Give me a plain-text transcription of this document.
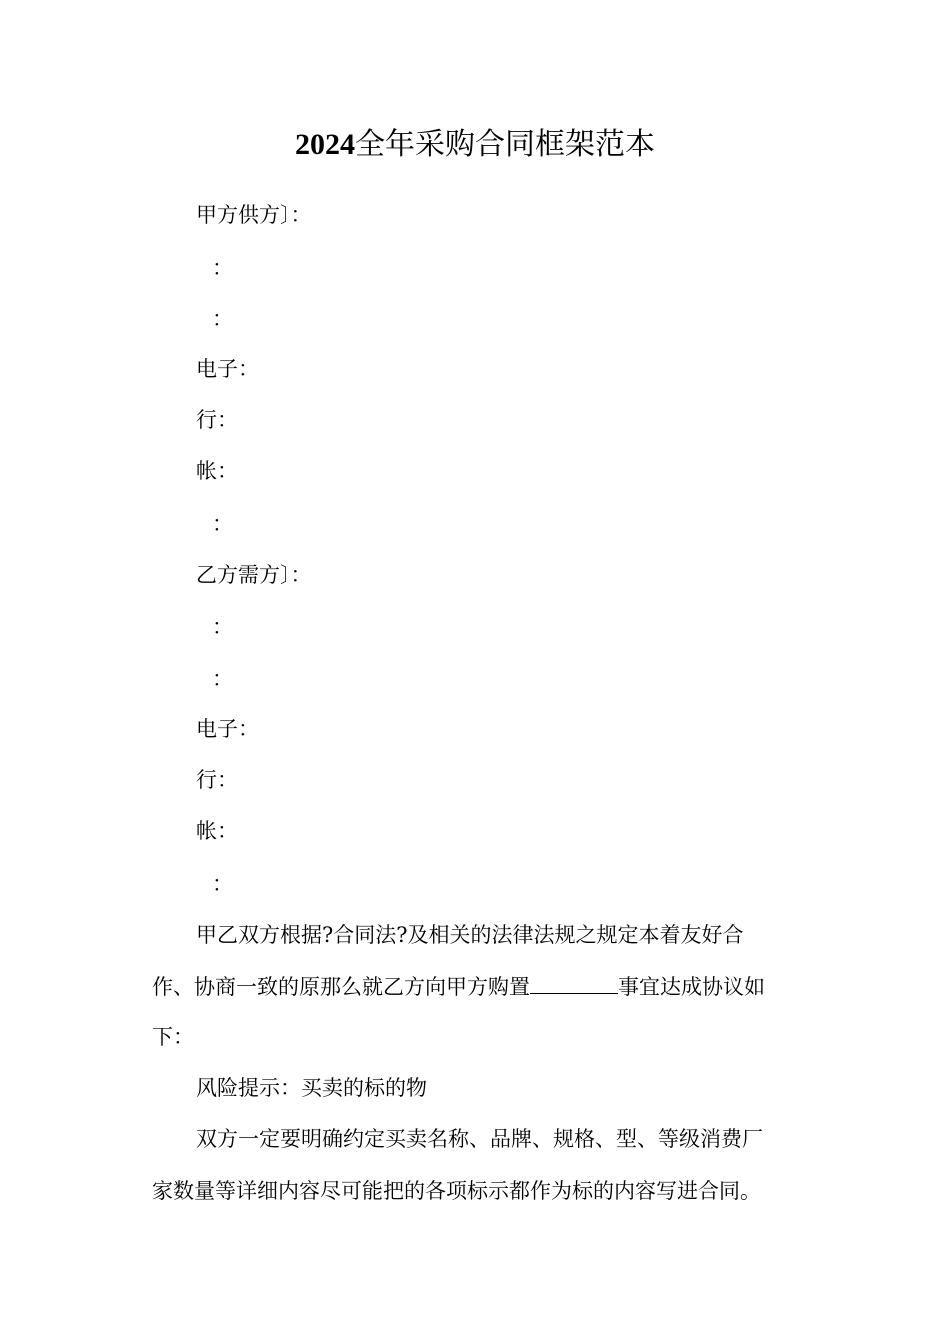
2024全年采购合同框架范本
甲方供方〕：
：
：
电子：
行：
帐：
：
乙方需方〕：
：
：
电子：
行：
帐：
：
甲乙双方根据?合同法?及相关的法律法规之规定本着友好合
作、协商一致的原那么就乙方向甲方购置	事宜达成协议如
下：
风险提示：买卖的标的物
双方一定要明确约定买卖名称、品牌、规格、型、等级消费厂
家数量等详细内容尽可能把的各项标示都作为标的内容写进合同。
